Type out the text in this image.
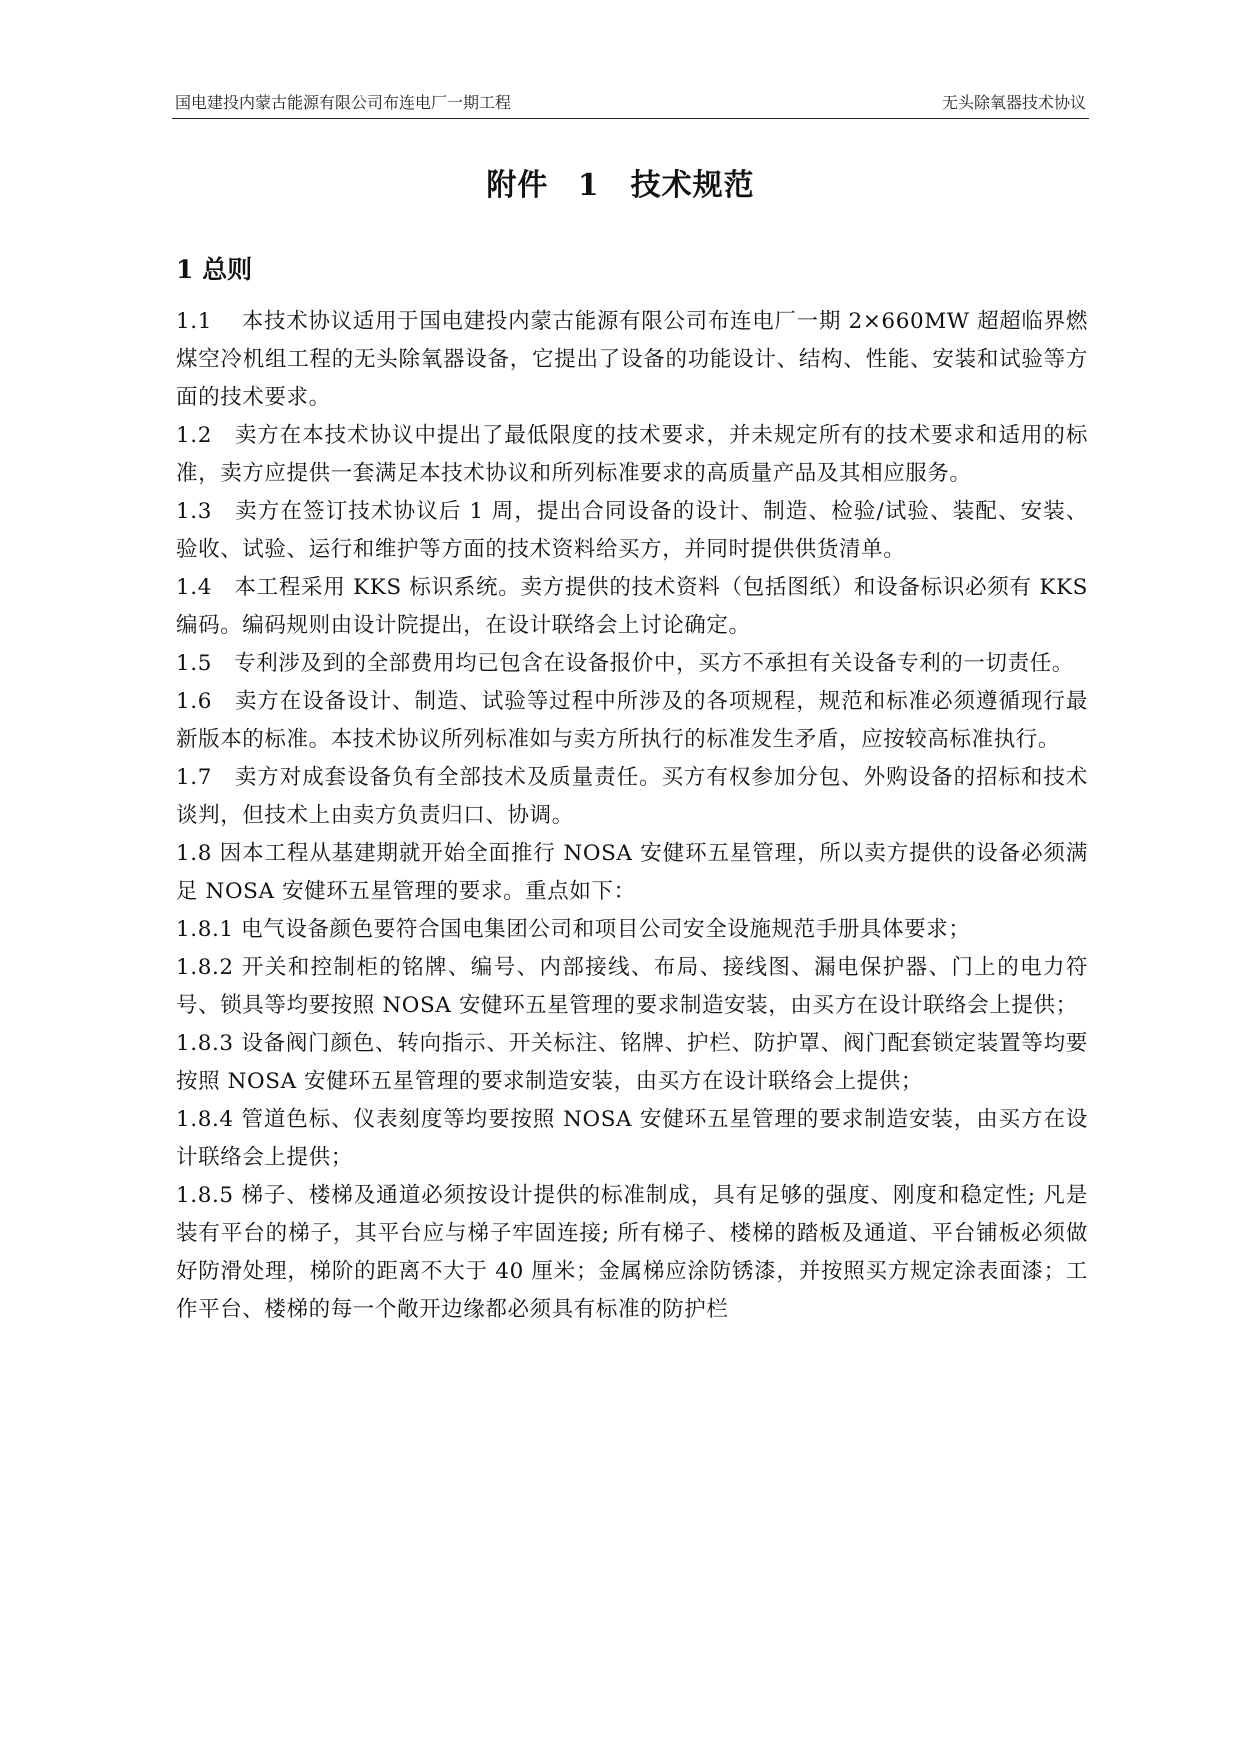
国电建投内蒙古能源有限公司布连电厂一期工程	无头除氧器技术协议
附件 1　技术规范
1 总则

1.1　 本技术协议适用于国电建投内蒙古能源有限公司布连电厂一期 2×660MW 超超临界燃煤空冷机组工程的无头除氧器设备，它提出了设备的功能设计、结构、性能、安装和试验等方面的技术要求。

1.2　卖方在本技术协议中提出了最低限度的技术要求，并未规定所有的技术要求和适用的标准，卖方应提供一套满足本技术协议和所列标准要求的高质量产品及其相应服务。

1.3　卖方在签订技术协议后 1 周，提出合同设备的设计、制造、检验/试验、装配、安装、验收、试验、运行和维护等方面的技术资料给买方，并同时提供供货清单。

1.4　本工程采用 KKS 标识系统。卖方提供的技术资料（包括图纸）和设备标识必须有 KKS 编码。编码规则由设计院提出，在设计联络会上讨论确定。

1.5　专利涉及到的全部费用均已包含在设备报价中，买方不承担有关设备专利的一切责任。

1.6　卖方在设备设计、制造、试验等过程中所涉及的各项规程，规范和标准必须遵循现行最新版本的标准。本技术协议所列标准如与卖方所执行的标准发生矛盾，应按较高标准执行。

1.7　卖方对成套设备负有全部技术及质量责任。买方有权参加分包、外购设备的招标和技术谈判，但技术上由卖方负责归口、协调。

1.8 因本工程从基建期就开始全面推行 NOSA 安健环五星管理，所以卖方提供的设备必须满足 NOSA 安健环五星管理的要求。重点如下：

1.8.1 电气设备颜色要符合国电集团公司和项目公司安全设施规范手册具体要求；

1.8.2 开关和控制柜的铭牌、编号、内部接线、布局、接线图、漏电保护器、门上的电力符号、锁具等均要按照 NOSA 安健环五星管理的要求制造安装，由买方在设计联络会上提供；

1.8.3 设备阀门颜色、转向指示、开关标注、铭牌、护栏、防护罩、阀门配套锁定装置等均要按照 NOSA 安健环五星管理的要求制造安装，由买方在设计联络会上提供；

1.8.4 管道色标、仪表刻度等均要按照 NOSA 安健环五星管理的要求制造安装，由买方在设计联络会上提供；

1.8.5 梯子、楼梯及通道必须按设计提供的标准制成，具有足够的强度、刚度和稳定性; 凡是装有平台的梯子，其平台应与梯子牢固连接; 所有梯子、楼梯的踏板及通道、平台铺板必须做好防滑处理，梯阶的距离不大于 40 厘米；金属梯应涂防锈漆，并按照买方规定涂表面漆；工作平台、楼梯的每一个敞开边缘都必须具有标准的防护栏
